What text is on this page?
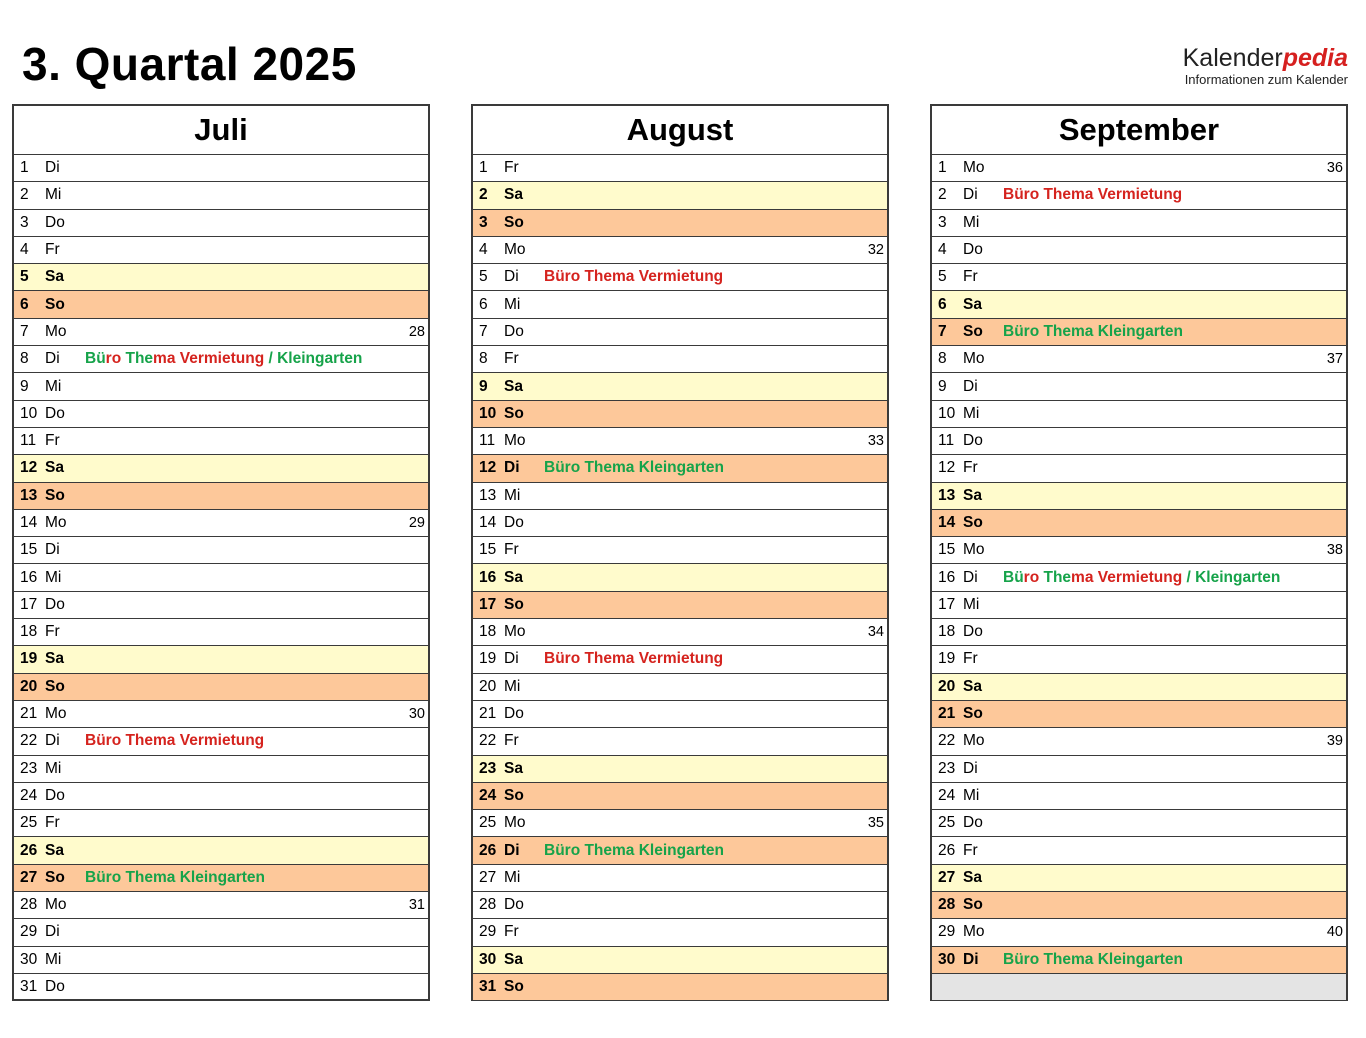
3. Quartal 2025	Kalenderpedia
Informationen zum Kalender
Juli
1	Di
2	Mi
3	Do
4	Fr
5	Sa
6	So
7	Mo	28
8	Di	Büro Thema Vermietung / Kleingarten
9	Mi
10 Do
11 Fr
12 Sa
13 So
14 Mo	29
15 Di
16 Mi
17 Do
18 Fr
19 Sa
20 So
21 Mo	30
22 Di	Büro Thema Vermietung
23 Mi
24 Do
25 Fr
26 Sa
27 So	Büro Thema Kleingarten
28 Mo	31
29 Di
30 Mi
31 Do
August
1	Fr
2	Sa
3	So
4	Mo	32
5	Di	Büro Thema Vermietung
6	Mi
7	Do
8	Fr
9	Sa
10 So
11 Mo	33
12 Di	Büro Thema Kleingarten
13 Mi
14 Do
15 Fr
16 Sa
17 So
18 Mo	34
19 Di	Büro Thema Vermietung
20 Mi
21 Do
22 Fr
23 Sa
24 So
25 Mo	35
26 Di	Büro Thema Kleingarten
27 Mi
28 Do
29 Fr
30 Sa
31 So
September
1	Mo	36
2	Di	Büro Thema Vermietung
3	Mi
4	Do
5	Fr
6	Sa
7	So	Büro Thema Kleingarten
8	Mo	37
9	Di
10 Mi
11 Do
12 Fr
13 Sa
14 So
15 Mo	38
16 Di	Büro Thema Vermietung / Kleingarten
17 Mi
18 Do
19 Fr
20 Sa
21 So
22 Mo	39
23 Di
24 Mi
25 Do
26 Fr
27 Sa
28 So
29 Mo	40
30 Di	Büro Thema Kleingarten
